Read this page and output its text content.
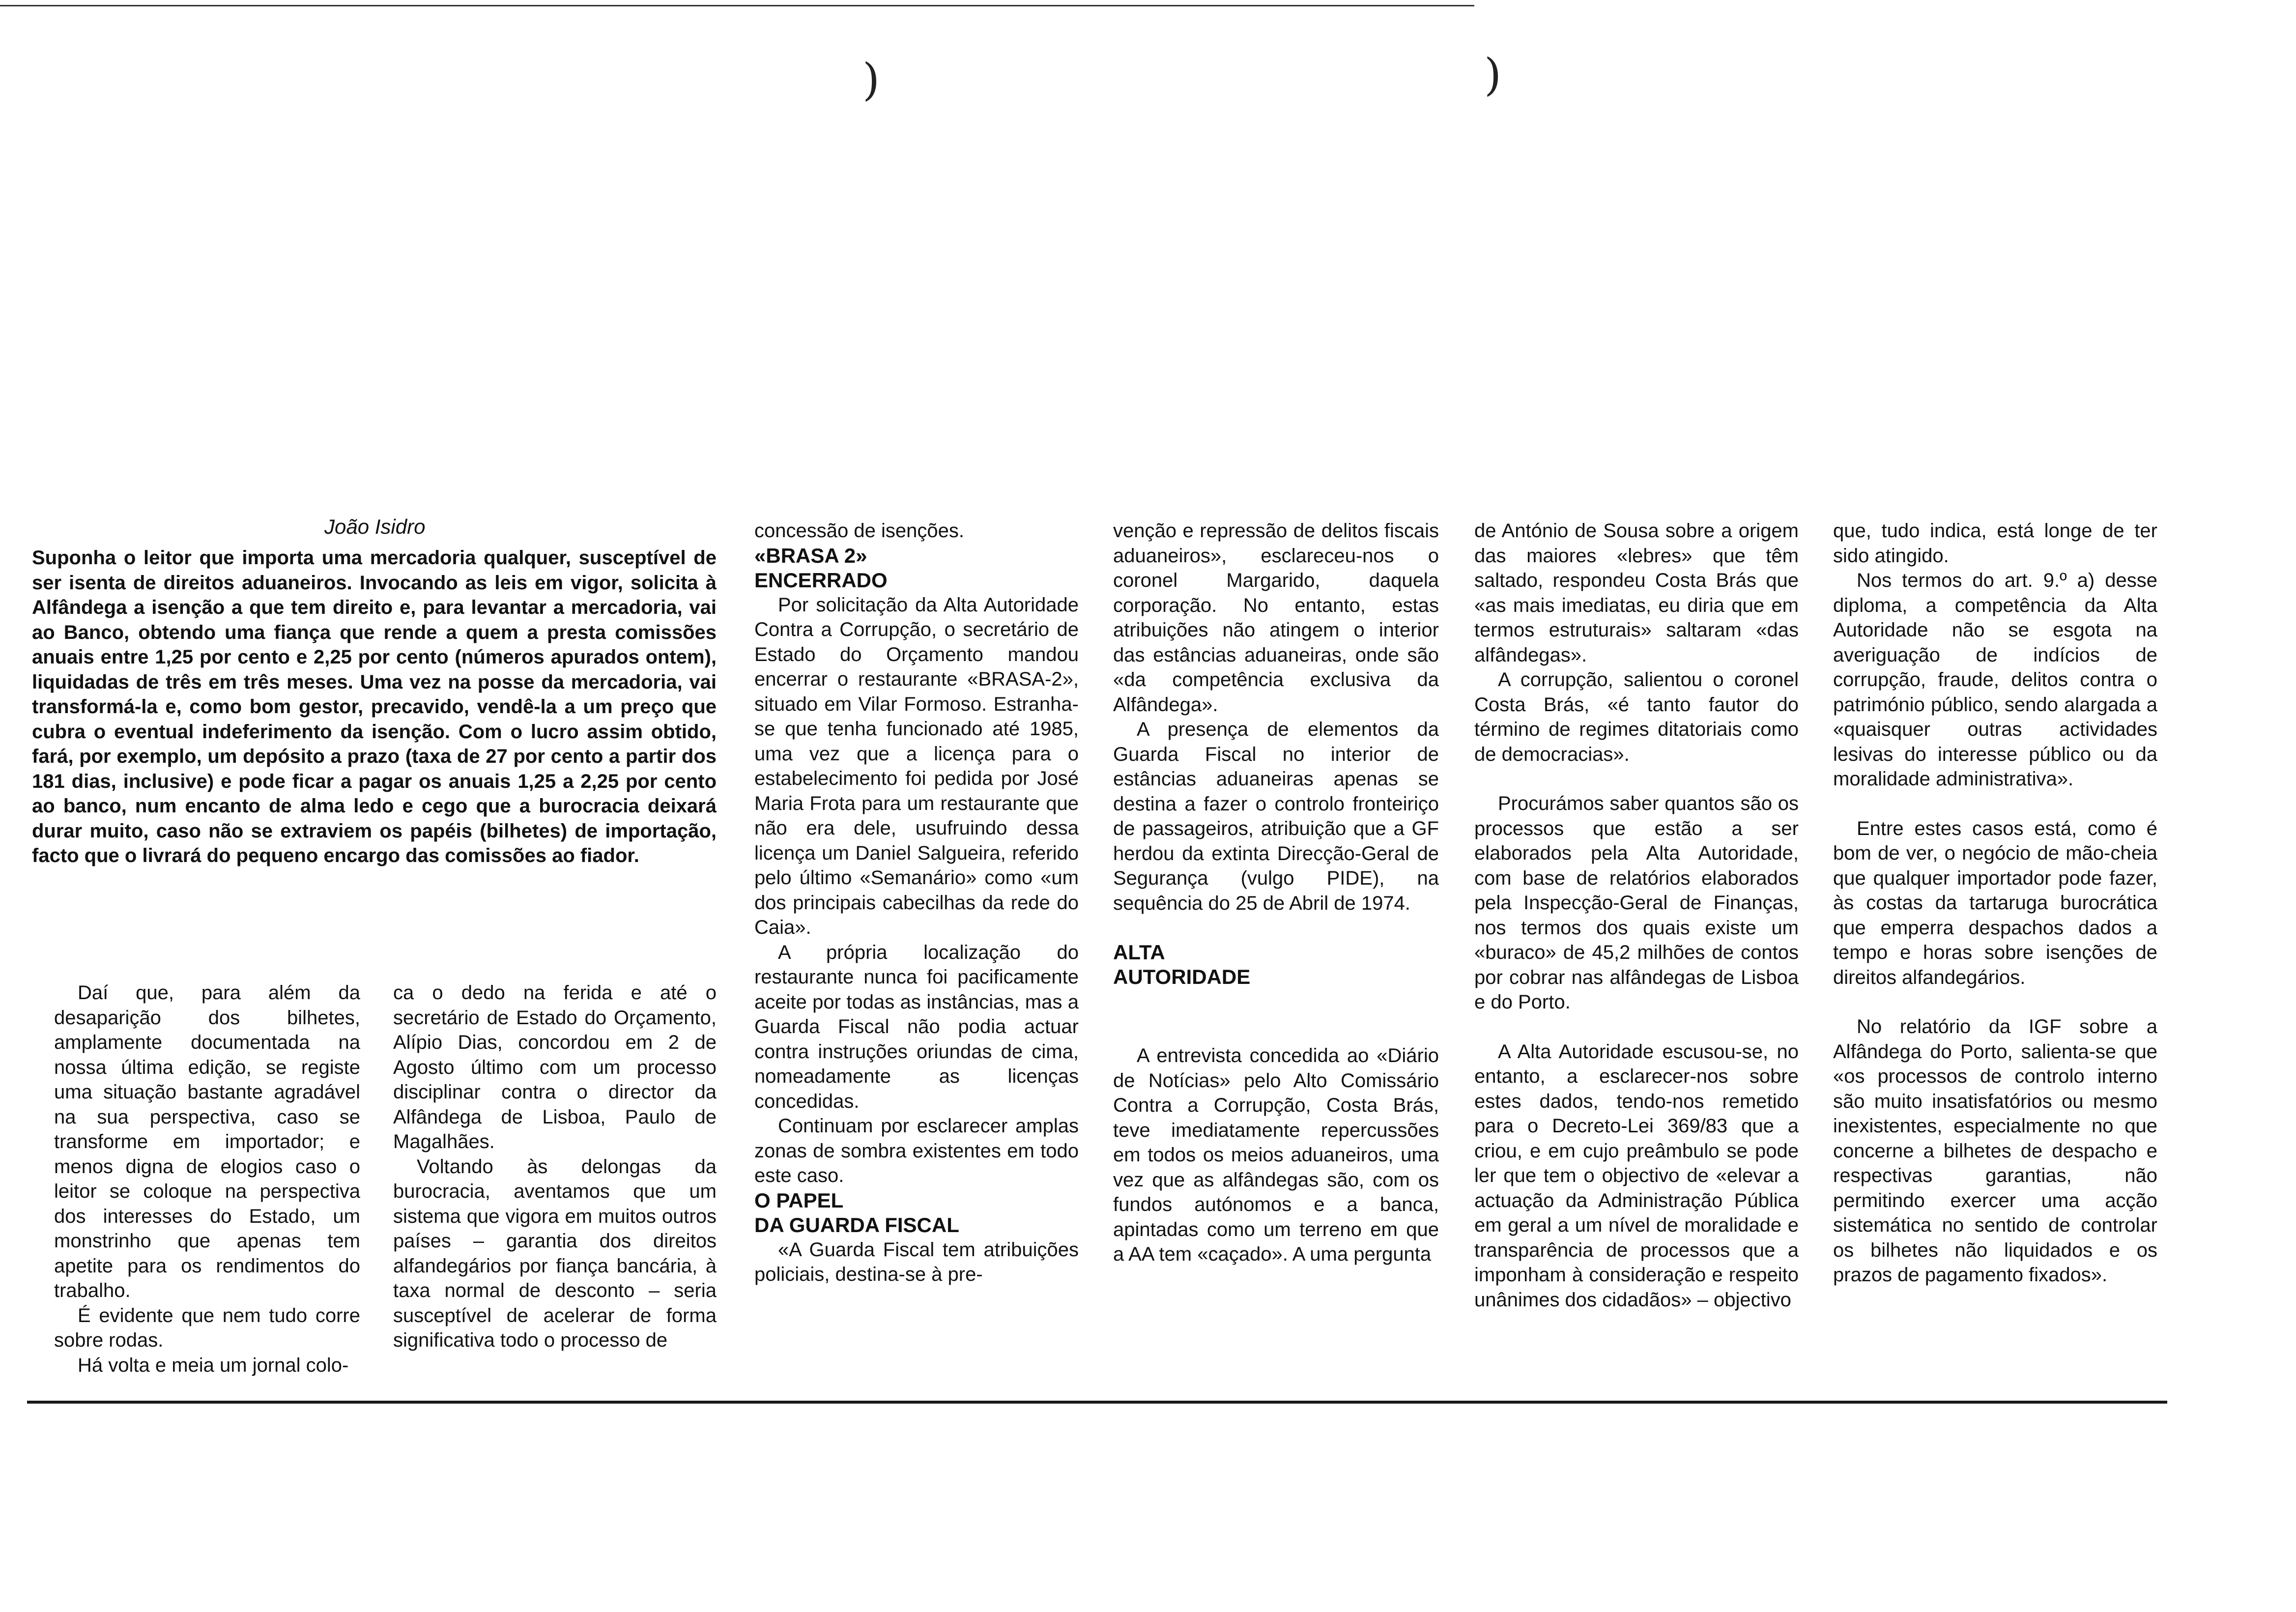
)	)
João Isidro

Suponha o leitor que importa uma mercadoria qualquer, susceptível de ser isenta de direitos aduaneiros. Invocando as leis em vigor, solicita à Alfândega a isenção a que tem direito e, para levantar a mercadoria, vai ao Banco, obtendo uma fiança que rende a quem a presta comissões anuais entre 1,25 por cento e 2,25 por cento (números apurados ontem), liquidadas de três em três meses. Uma vez na posse da mercadoria, vai transformá-la e, como bom gestor, precavido, vendê-la a um preço que cubra o eventual indeferimento da isenção. Com o lucro assim obtido, fará, por exemplo, um depósito a prazo (taxa de 27 por cento a partir dos 181 dias, inclusive) e pode ficar a pagar os anuais 1,25 a 2,25 por cento ao banco, num encanto de alma ledo e cego que a burocracia deixará durar muito, caso não se extraviem os papéis (bilhetes) de importação, facto que o livrará do pequeno encargo das comissões ao fiador.

Daí que, para além da desaparição dos bilhetes, amplamente documentada na nossa última edição, se registe uma situação bastante agradável na sua perspectiva, caso se transforme em importador; e menos digna de elogios caso o leitor se coloque na perspectiva dos interesses do Estado, um monstrinho que apenas tem apetite para os rendimentos do trabalho.

É evidente que nem tudo corre sobre rodas.

Há volta e meia um jornal colo-

ca o dedo na ferida e até o secretário de Estado do Orçamento, Alípio Dias, concordou em 2 de Agosto último com um processo disciplinar contra o director da Alfândega de Lisboa, Paulo de Magalhães.

Voltando às delongas da burocracia, aventamos que um sistema que vigora em muitos outros países – garantia dos direitos alfandegários por fiança bancária, à taxa normal de desconto – seria susceptível de acelerar de forma significativa todo o processo de

concessão de isenções.

«BRASA 2»
ENCERRADO

Por solicitação da Alta Autoridade Contra a Corrupção, o secretário de Estado do Orçamento mandou encerrar o restaurante «BRASA-2», situado em Vilar Formoso. Estranha-se que tenha funcionado até 1985, uma vez que a licença para o estabelecimento foi pedida por José Maria Frota para um restaurante que não era dele, usufruindo dessa licença um Daniel Salgueira, referido pelo último «Semanário» como «um dos principais cabecilhas da rede do Caia».

A própria localização do restaurante nunca foi pacificamente aceite por todas as instâncias, mas a Guarda Fiscal não podia actuar contra instruções oriundas de cima, nomeadamente as licenças concedidas.

Continuam por esclarecer amplas zonas de sombra existentes em todo este caso.

O PAPEL
DA GUARDA FISCAL

«A Guarda Fiscal tem atribuições policiais, destina-se à pre-

venção e repressão de delitos fiscais aduaneiros», esclareceu-nos o coronel Margarido, daquela corporação. No entanto, estas atribuições não atingem o interior das estâncias aduaneiras, onde são «da competência exclusiva da Alfândega».

A presença de elementos da Guarda Fiscal no interior de estâncias aduaneiras apenas se destina a fazer o controlo fronteiriço de passageiros, atribuição que a GF herdou da extinta Direcção-Geral de Segurança (vulgo PIDE), na sequência do 25 de Abril de 1974.

ALTA
AUTORIDADE

A entrevista concedida ao «Diário de Notícias» pelo Alto Comissário Contra a Corrupção, Costa Brás, teve imediatamente repercussões em todos os meios aduaneiros, uma vez que as alfândegas são, com os fundos autónomos e a banca, apintadas como um terreno em que a AA tem «caçado». A uma pergunta

de António de Sousa sobre a origem das maiores «lebres» que têm saltado, respondeu Costa Brás que «as mais imediatas, eu diria que em termos estruturais» saltaram «das alfândegas».

A corrupção, salientou o coronel Costa Brás, «é tanto fautor do término de regimes ditatoriais como de democracias».

Procurámos saber quantos são os processos que estão a ser elaborados pela Alta Autoridade, com base de relatórios elaborados pela Inspecção-Geral de Finanças, nos termos dos quais existe um «buraco» de 45,2 milhões de contos por cobrar nas alfândegas de Lisboa e do Porto.

A Alta Autoridade escusou-se, no entanto, a esclarecer-nos sobre estes dados, tendo-nos remetido para o Decreto-Lei 369/83 que a criou, e em cujo preâmbulo se pode ler que tem o objectivo de «elevar a actuação da Administração Pública em geral a um nível de moralidade e transparência de processos que a imponham à consideração e respeito unânimes dos cidadãos» – objectivo

que, tudo indica, está longe de ter sido atingido.

Nos termos do art. 9.º a) desse diploma, a competência da Alta Autoridade não se esgota na averiguação de indícios de corrupção, fraude, delitos contra o património público, sendo alargada a «quaisquer outras actividades lesivas do interesse público ou da moralidade administrativa».

Entre estes casos está, como é bom de ver, o negócio de mão-cheia que qualquer importador pode fazer, às costas da tartaruga burocrática que emperra despachos dados a tempo e horas sobre isenções de direitos alfandegários.

No relatório da IGF sobre a Alfândega do Porto, salienta-se que «os processos de controlo interno são muito insatisfatórios ou mesmo inexistentes, especialmente no que concerne a bilhetes de despacho e respectivas garantias, não permitindo exercer uma acção sistemática no sentido de controlar os bilhetes não liquidados e os prazos de pagamento fixados».
